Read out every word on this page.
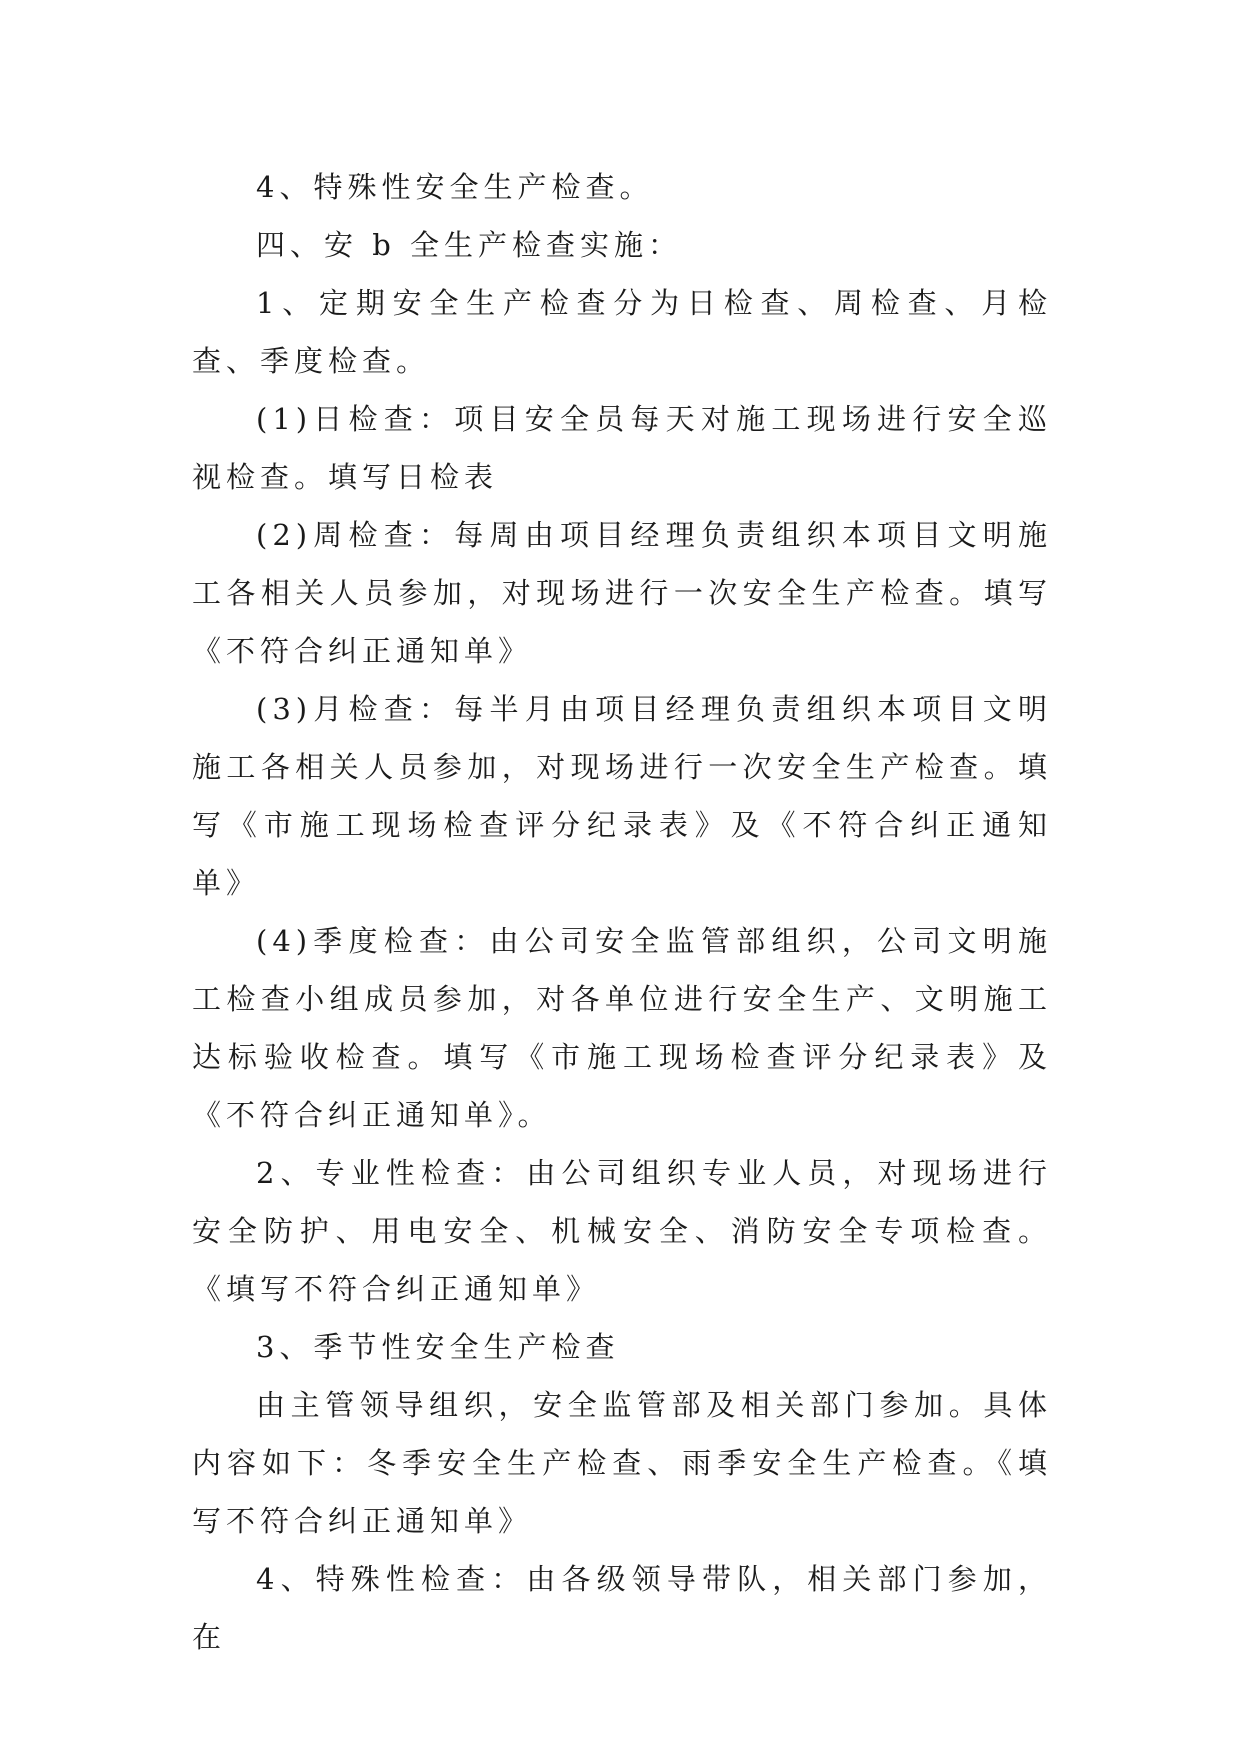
4、特殊性安全生产检查。

四、安 b 全生产检查实施：

1、定期安全生产检查分为日检查、周检查、月检查、季度检查。

(1)日检查：项目安全员每天对施工现场进行安全巡视检查。填写日检表

(2)周检查：每周由项目经理负责组织本项目文明施工各相关人员参加，对现场进行一次安全生产检查。填写《不符合纠正通知单》

(3)月检查：每半月由项目经理负责组织本项目文明施工各相关人员参加，对现场进行一次安全生产检查。填写《市施工现场检查评分纪录表》及《不符合纠正通知单》

(4)季度检查：由公司安全监管部组织，公司文明施工检查小组成员参加，对各单位进行安全生产、文明施工达标验收检查。填写《市施工现场检查评分纪录表》及《不符合纠正通知单》。

2、专业性检查：由公司组织专业人员，对现场进行安全防护、用电安全、机械安全、消防安全专项检查。《填写不符合纠正通知单》

3、季节性安全生产检查

由主管领导组织，安全监管部及相关部门参加。具体内容如下：冬季安全生产检查、雨季安全生产检查。《填写不符合纠正通知单》

4、特殊性检查：由各级领导带队，相关部门参加，在
